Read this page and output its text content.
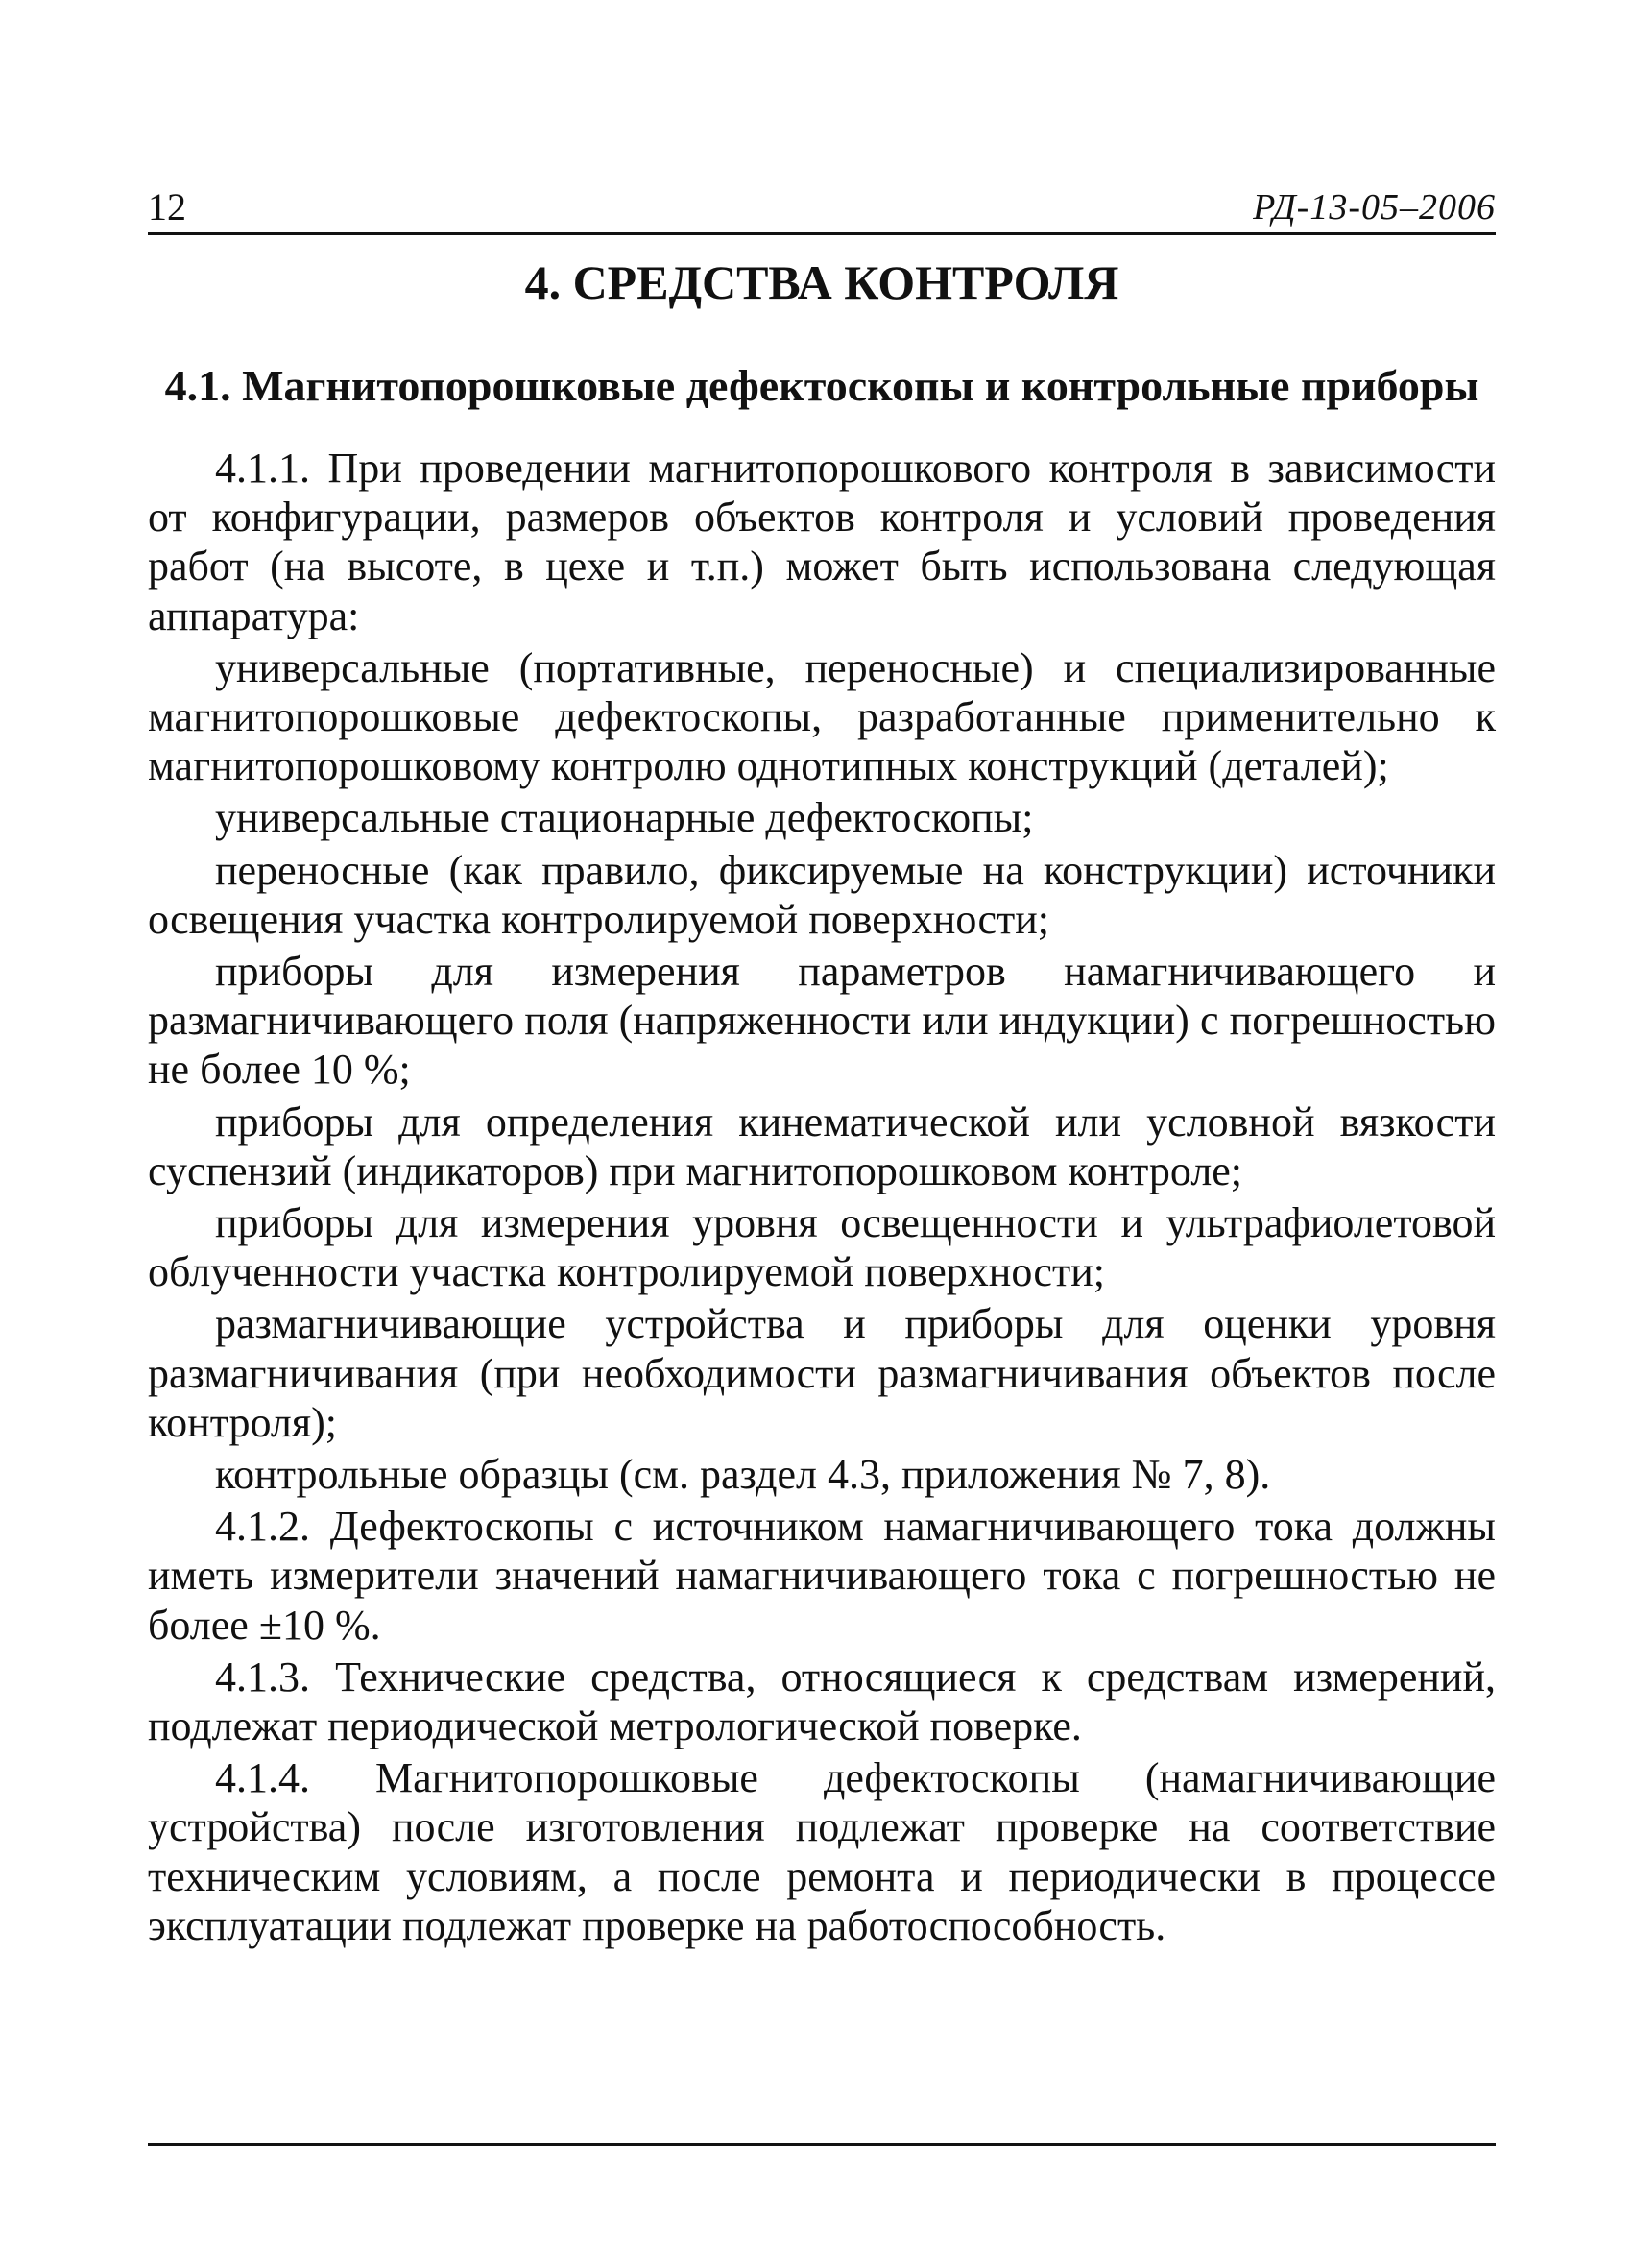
12	РД-13-05–2006
4. СРЕДСТВА КОНТРОЛЯ
4.1. Магнитопорошковые дефектоскопы и контрольные приборы

4.1.1. При проведении магнитопорошкового контроля в зависимости от конфигурации, размеров объектов контроля и условий проведения работ (на высоте, в цехе и т.п.) может быть использована следующая аппаратура:

универсальные (портативные, переносные) и специализированные магнитопорошковые дефектоскопы, разработанные применительно к магнитопорошковому контролю однотипных конструкций (деталей);

универсальные стационарные дефектоскопы;

переносные (как правило, фиксируемые на конструкции) источники освещения участка контролируемой поверхности;

приборы для измерения параметров намагничивающего и размагничивающего поля (напряженности или индукции) с погрешностью не более 10 %;

приборы для определения кинематической или условной вязкости суспензий (индикаторов) при магнитопорошковом контроле;

приборы для измерения уровня освещенности и ультрафиолетовой облученности участка контролируемой поверхности;

размагничивающие устройства и приборы для оценки уровня размагничивания (при необходимости размагничивания объектов после контроля);

контрольные образцы (см. раздел 4.3, приложения № 7, 8).

4.1.2. Дефектоскопы с источником намагничивающего тока должны иметь измерители значений намагничивающего тока с погрешностью не более ±10 %.

4.1.3. Технические средства, относящиеся к средствам измерений, подлежат периодической метрологической поверке.

4.1.4. Магнитопорошковые дефектоскопы (намагничивающие устройства) после изготовления подлежат проверке на соответствие техническим условиям, а после ремонта и периодически в процессе эксплуатации подлежат проверке на работоспособность.
